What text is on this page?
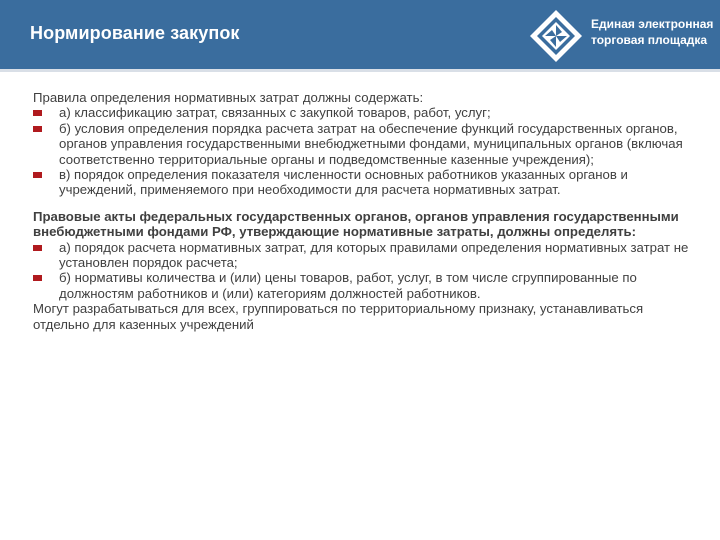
Нормирование закупок	Единая электронная
торговая площадка
Правила определения нормативных затрат должны содержать:
а) классификацию затрат, связанных с закупкой товаров, работ, услуг;
б) условия определения порядка расчета затрат на обеспечение функций государственных органов, органов управления государственными внебюджетными фондами, муниципальных органов (включая соответственно территориальные органы и подведомственные казенные учреждения);
в) порядок определения показателя численности основных работников указанных органов и учреждений, применяемого при необходимости для расчета нормативных затрат.
Правовые акты федеральных государственных органов, органов управления государственными внебюджетными фондами РФ, утверждающие нормативные затраты, должны определять:
а) порядок расчета нормативных затрат, для которых правилами определения нормативных затрат не установлен порядок расчета;
б) нормативы количества и (или) цены товаров, работ, услуг, в том числе сгруппированные по должностям работников и (или) категориям должностей работников.
Могут разрабатываться для всех, группироваться по территориальному признаку, устанавливаться отдельно для казенных учреждений
